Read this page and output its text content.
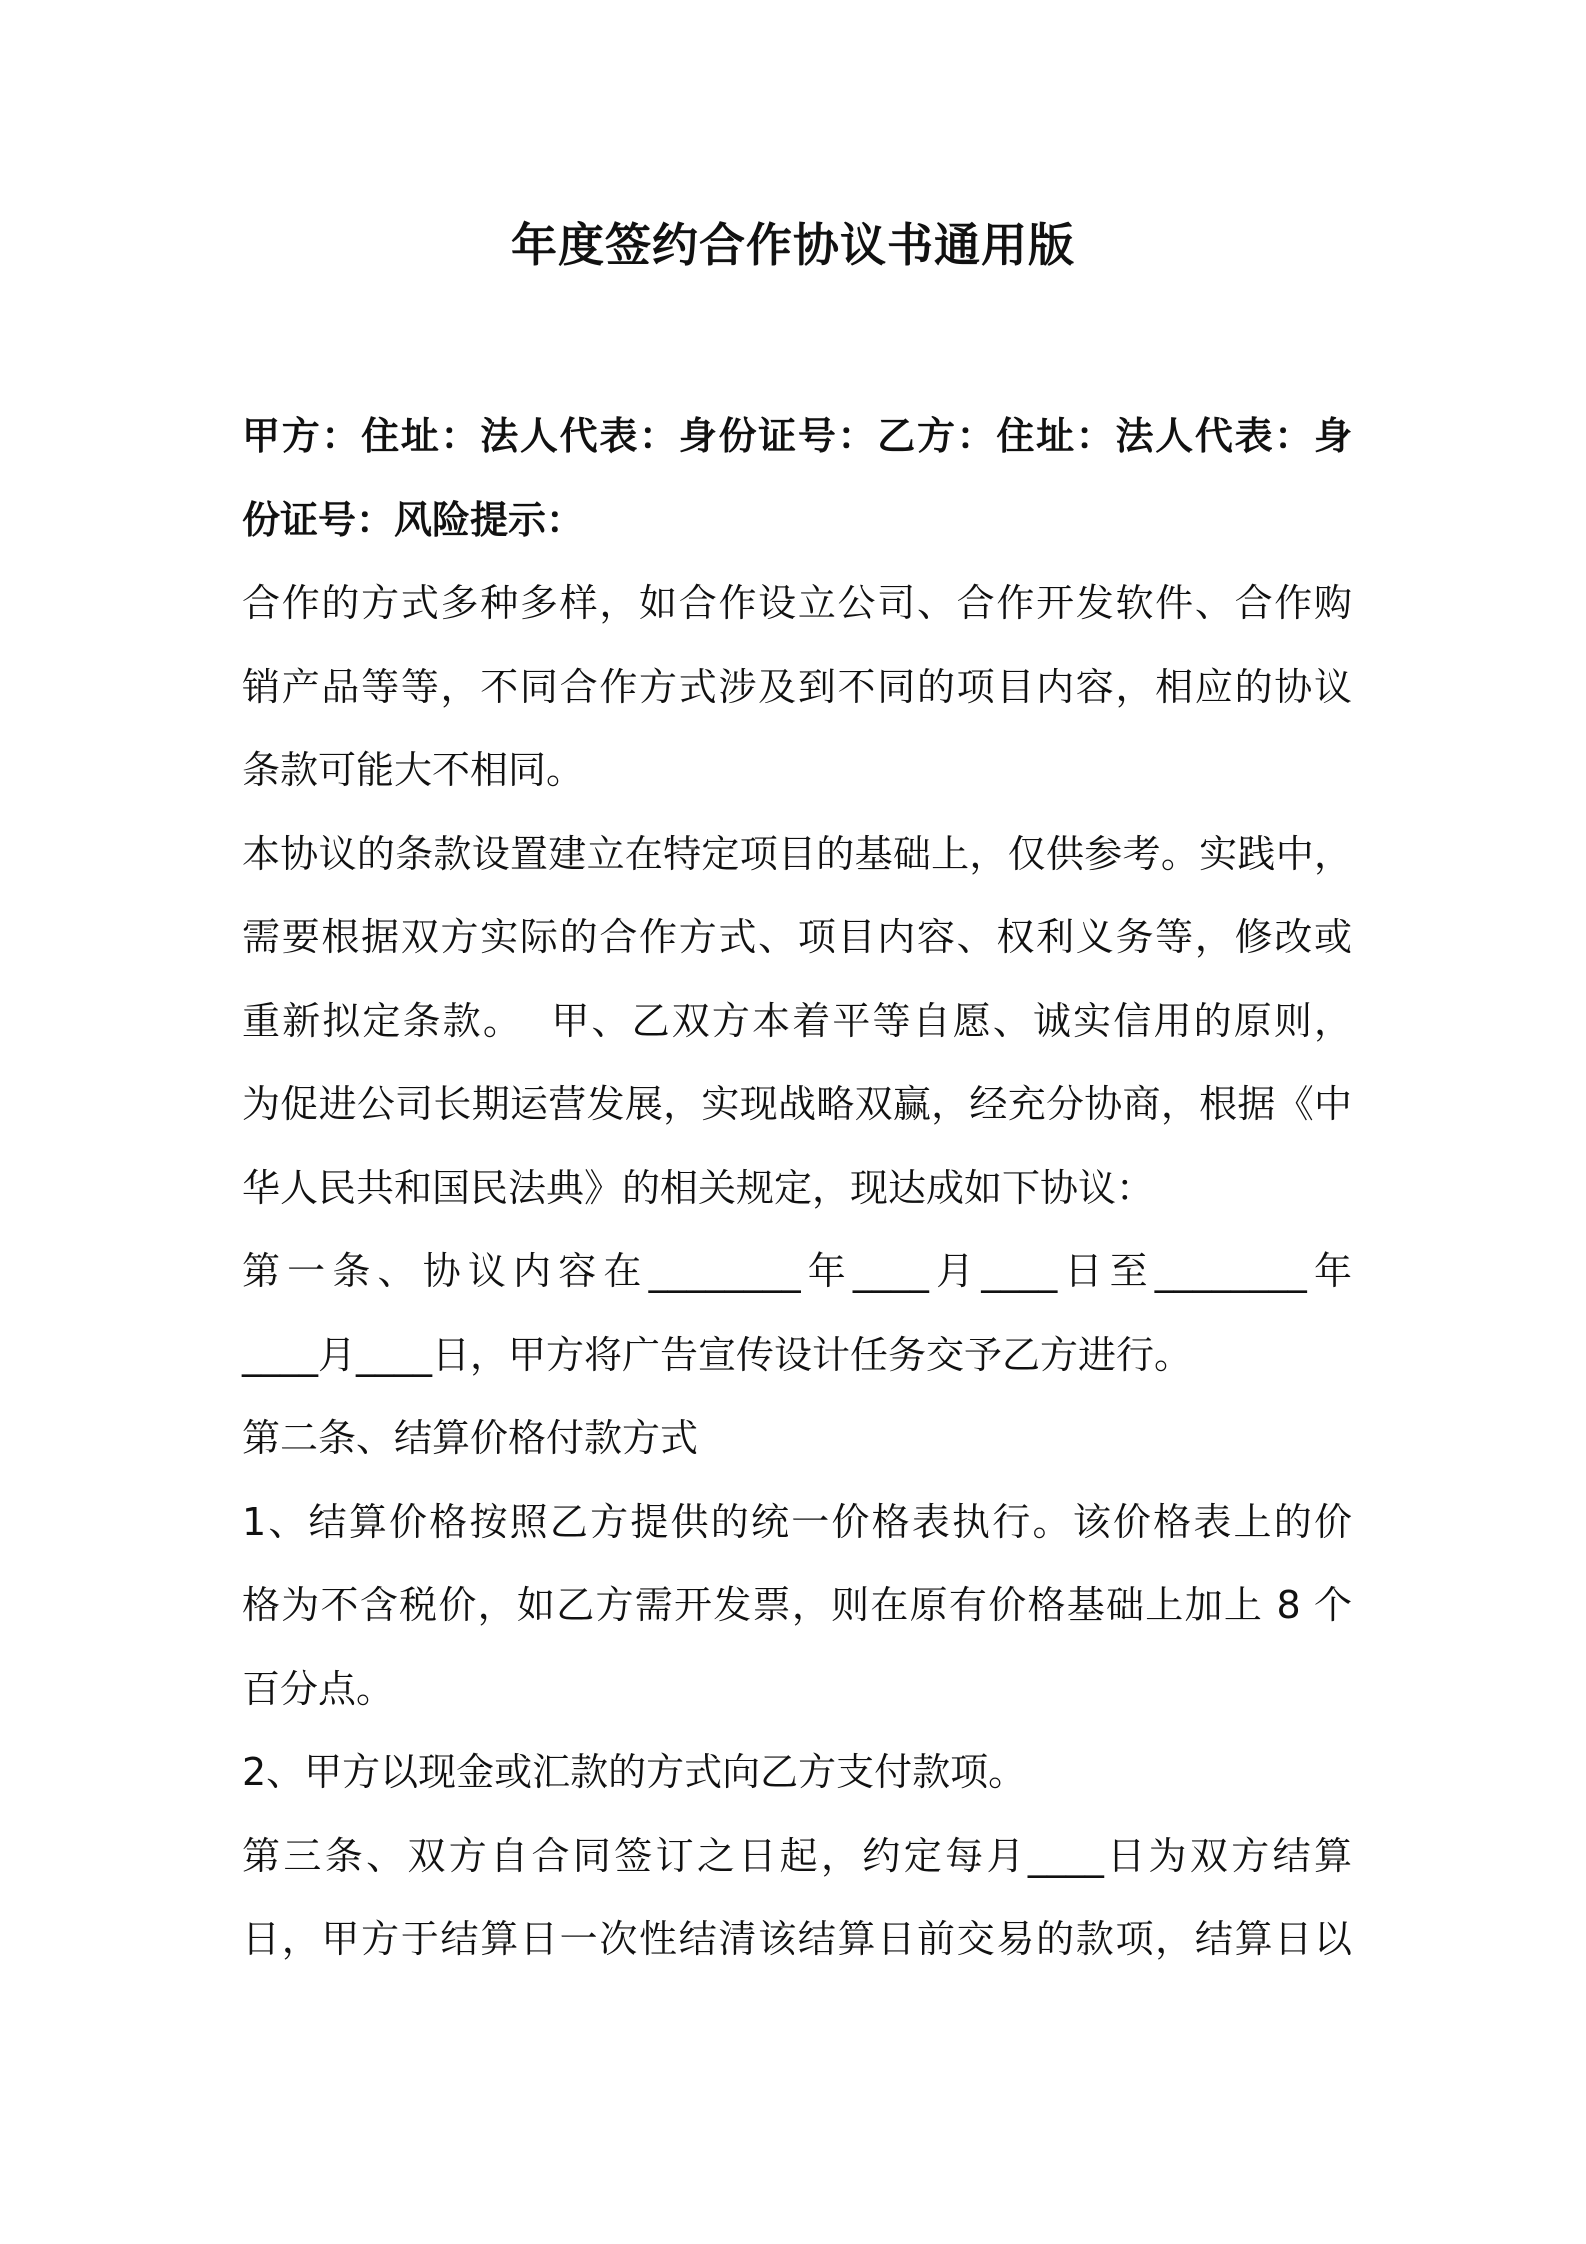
年度签约合作协议书通用版

甲方：住址：法人代表：身份证号：乙方：住址：法人代表：身

份证号：风险提示：

合作的方式多种多样，如合作设立公司、合作开发软件、合作购

销产品等等，不同合作方式涉及到不同的项目内容，相应的协议

条款可能大不相同。

本协议的条款设置建立在特定项目的基础上，仅供参考。实践中，

需要根据双方实际的合作方式、项目内容、权利义务等，修改或

重新拟定条款。  甲、乙双方本着平等自愿、诚实信用的原则，

为促进公司长期运营发展，实现战略双赢，经充分协商，根据《中

华人民共和国民法典》的相关规定，现达成如下协议：

第一条、协议内容在________年____月____日至________年

____月____日，甲方将广告宣传设计任务交予乙方进行。

第二条、结算价格付款方式

1、结算价格按照乙方提供的统一价格表执行。该价格表上的价

格为不含税价，如乙方需开发票，则在原有价格基础上加上 8 个

百分点。

2、甲方以现金或汇款的方式向乙方支付款项。

第三条、双方自合同签订之日起，约定每月____日为双方结算

日，甲方于结算日一次性结清该结算日前交易的款项，结算日以
